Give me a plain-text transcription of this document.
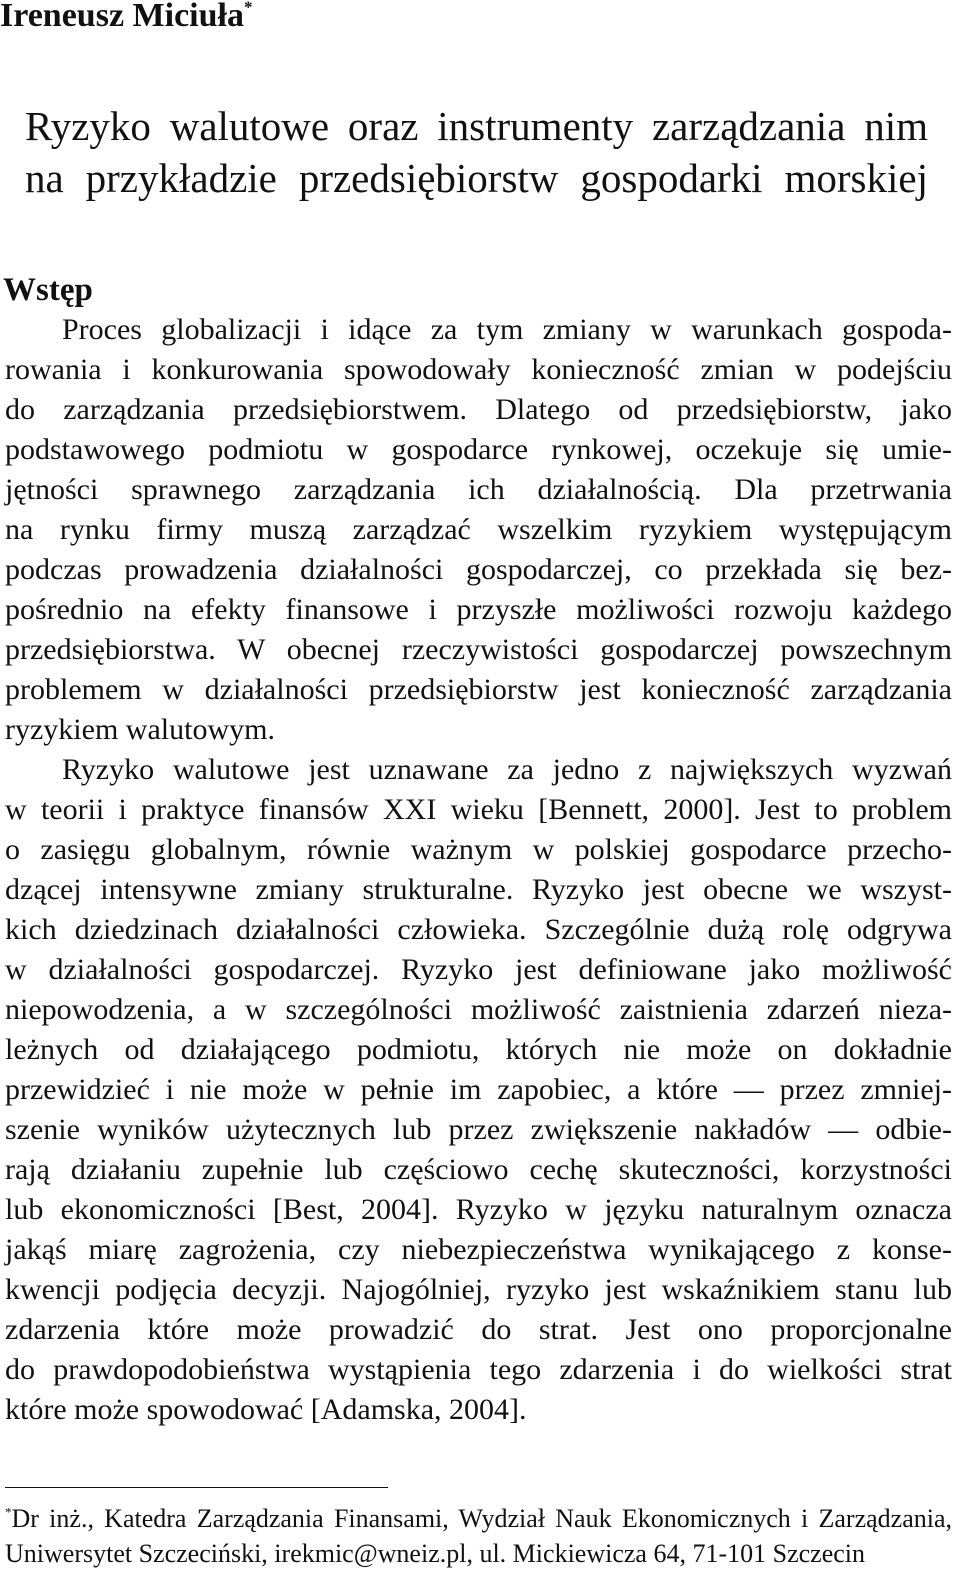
Ireneusz Miciuła*
Ryzyko walutowe oraz instrumenty zarządzania nim
na przykładzie przedsiębiorstw gospodarki morskiej
Wstęp
Proces globalizacji i idące za tym zmiany w warunkach gospoda-
rowania i konkurowania spowodowały konieczność zmian w podejściu
do zarządzania przedsiębiorstwem. Dlatego od przedsiębiorstw, jako
podstawowego podmiotu w gospodarce rynkowej, oczekuje się umie-
jętności sprawnego zarządzania ich działalnością. Dla przetrwania
na rynku firmy muszą zarządzać wszelkim ryzykiem występującym
podczas prowadzenia działalności gospodarczej, co przekłada się bez-
pośrednio na efekty finansowe i przyszłe możliwości rozwoju każdego
przedsiębiorstwa. W obecnej rzeczywistości gospodarczej powszechnym
problemem w działalności przedsiębiorstw jest konieczność zarządzania
ryzykiem walutowym.
Ryzyko walutowe jest uznawane za jedno z największych wyzwań
w teorii i praktyce finansów XXI wieku [Bennett, 2000]. Jest to problem
o zasięgu globalnym, równie ważnym w polskiej gospodarce przecho-
dzącej intensywne zmiany strukturalne. Ryzyko jest obecne we wszyst-
kich dziedzinach działalności człowieka. Szczególnie dużą rolę odgrywa
w działalności gospodarczej. Ryzyko jest definiowane jako możliwość
niepowodzenia, a w szczególności możliwość zaistnienia zdarzeń nieza-
leżnych od działającego podmiotu, których nie może on dokładnie
przewidzieć i nie może w pełnie im zapobiec, a które — przez zmniej-
szenie wyników użytecznych lub przez zwiększenie nakładów — odbie-
rają działaniu zupełnie lub częściowo cechę skuteczności, korzystności
lub ekonomiczności [Best, 2004]. Ryzyko w języku naturalnym oznacza
jakąś miarę zagrożenia, czy niebezpieczeństwa wynikającego z konse-
kwencji podjęcia decyzji. Najogólniej, ryzyko jest wskaźnikiem stanu lub
zdarzenia które może prowadzić do strat. Jest ono proporcjonalne
do prawdopodobieństwa wystąpienia tego zdarzenia i do wielkości strat
które może spowodować [Adamska, 2004].
*Dr inż., Katedra Zarządzania Finansami, Wydział Nauk Ekonomicznych i Zarządzania,
Uniwersytet Szczeciński, irekmic@wneiz.pl, ul. Mickiewicza 64, 71-101 Szczecin
